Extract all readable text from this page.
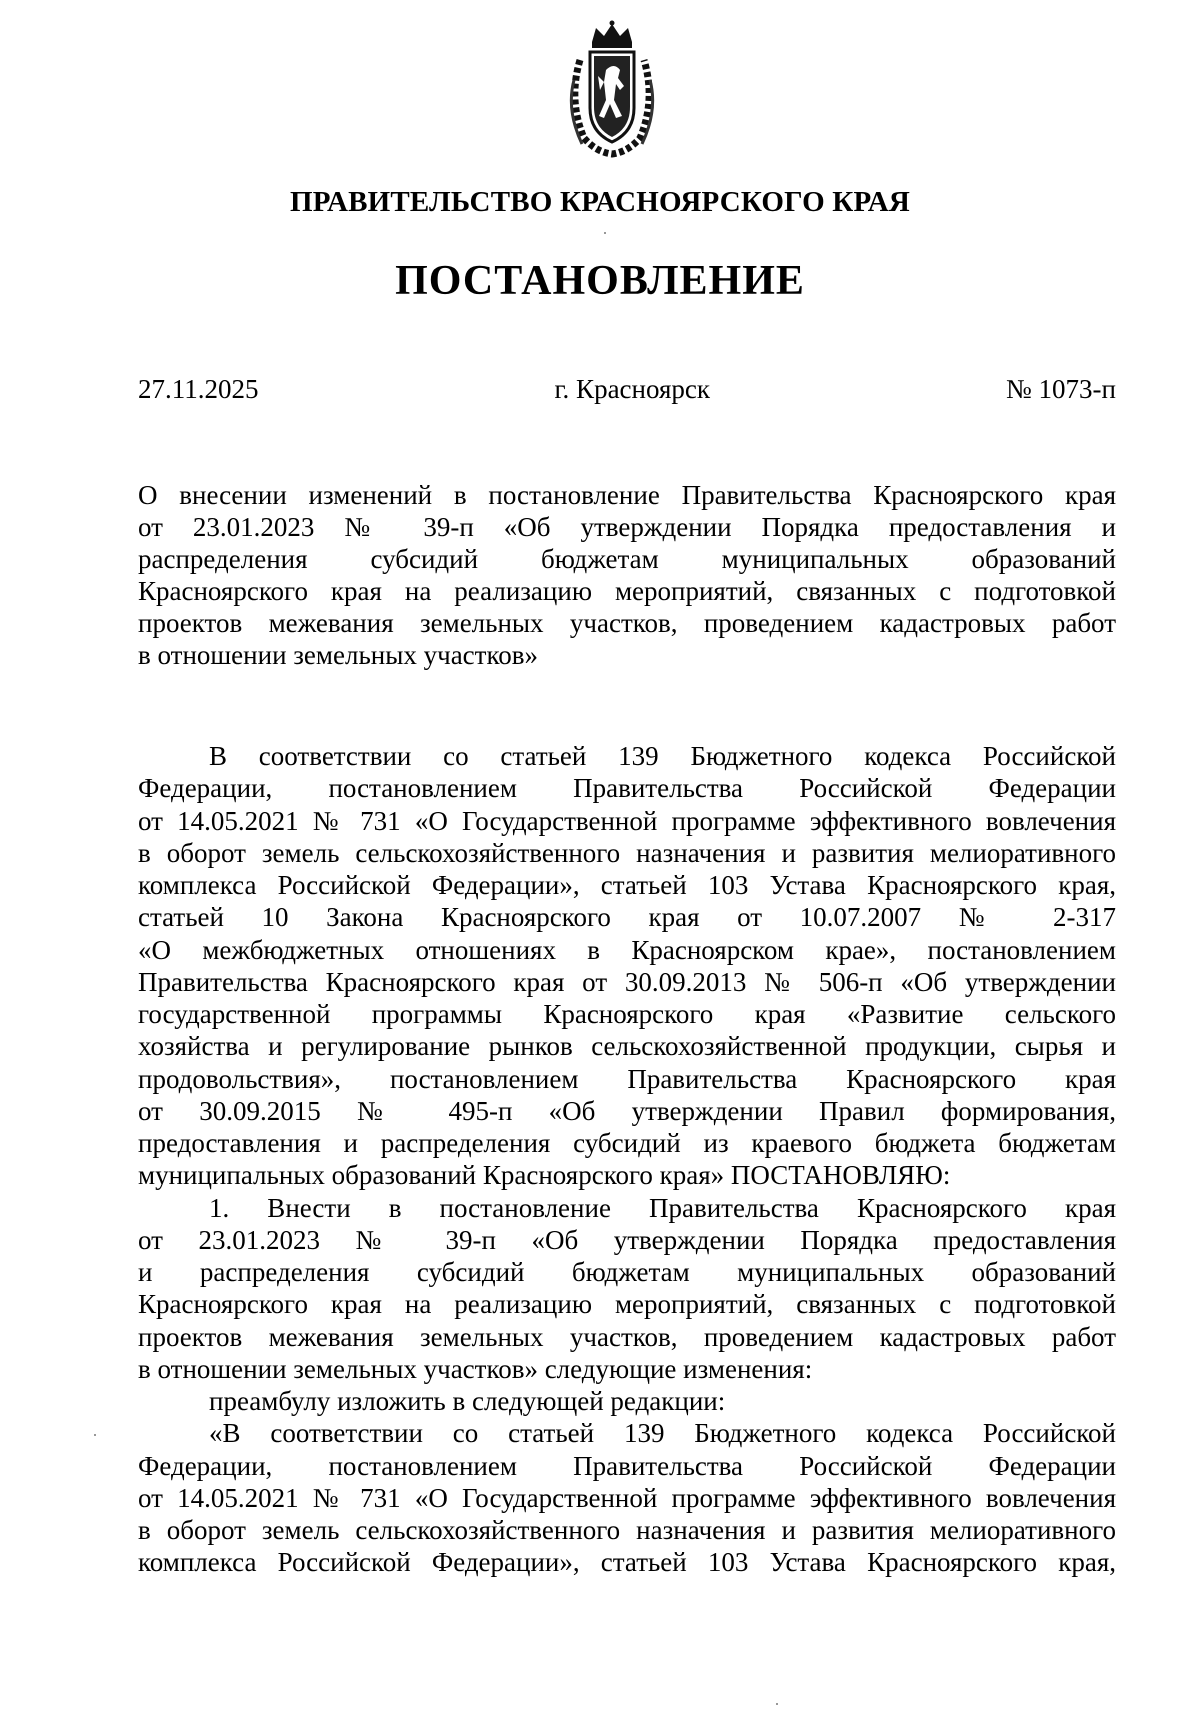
ПРАВИТЕЛЬСТВО КРАСНОЯРСКОГО КРАЯ
ПОСТАНОВЛЕНИЕ
27.11.2025	г. Красноярск	№ 1073-п
О внесении изменений в постановление Правительства Красноярского края
от 23.01.2023 № 39-п «Об утверждении Порядка предоставления и
распределения субсидий бюджетам муниципальных образований
Красноярского края на реализацию мероприятий, связанных с подготовкой
проектов межевания земельных участков, проведением кадастровых работ
в отношении земельных участков»
В соответствии со статьей 139 Бюджетного кодекса Российской
Федерации, постановлением Правительства Российской Федерации
от 14.05.2021 № 731 «О Государственной программе эффективного вовлечения
в оборот земель сельскохозяйственного назначения и развития мелиоративного
комплекса Российской Федерации», статьей 103 Устава Красноярского края,
статьей 10 Закона Красноярского края от 10.07.2007 № 2-317
«О межбюджетных отношениях в Красноярском крае», постановлением
Правительства Красноярского края от 30.09.2013 № 506-п «Об утверждении
государственной программы Красноярского края «Развитие сельского
хозяйства и регулирование рынков сельскохозяйственной продукции, сырья и
продовольствия», постановлением Правительства Красноярского края
от 30.09.2015 № 495-п «Об утверждении Правил формирования,
предоставления и распределения субсидий из краевого бюджета бюджетам
муниципальных образований Красноярского края» ПОСТАНОВЛЯЮ:
1. Внести в постановление Правительства Красноярского края
от 23.01.2023 № 39-п «Об утверждении Порядка предоставления
и распределения субсидий бюджетам муниципальных образований
Красноярского края на реализацию мероприятий, связанных с подготовкой
проектов межевания земельных участков, проведением кадастровых работ
в отношении земельных участков» следующие изменения:
преамбулу изложить в следующей редакции:
«В соответствии со статьей 139 Бюджетного кодекса Российской
Федерации, постановлением Правительства Российской Федерации
от 14.05.2021 № 731 «О Государственной программе эффективного вовлечения
в оборот земель сельскохозяйственного назначения и развития мелиоративного
комплекса Российской Федерации», статьей 103 Устава Красноярского края,
